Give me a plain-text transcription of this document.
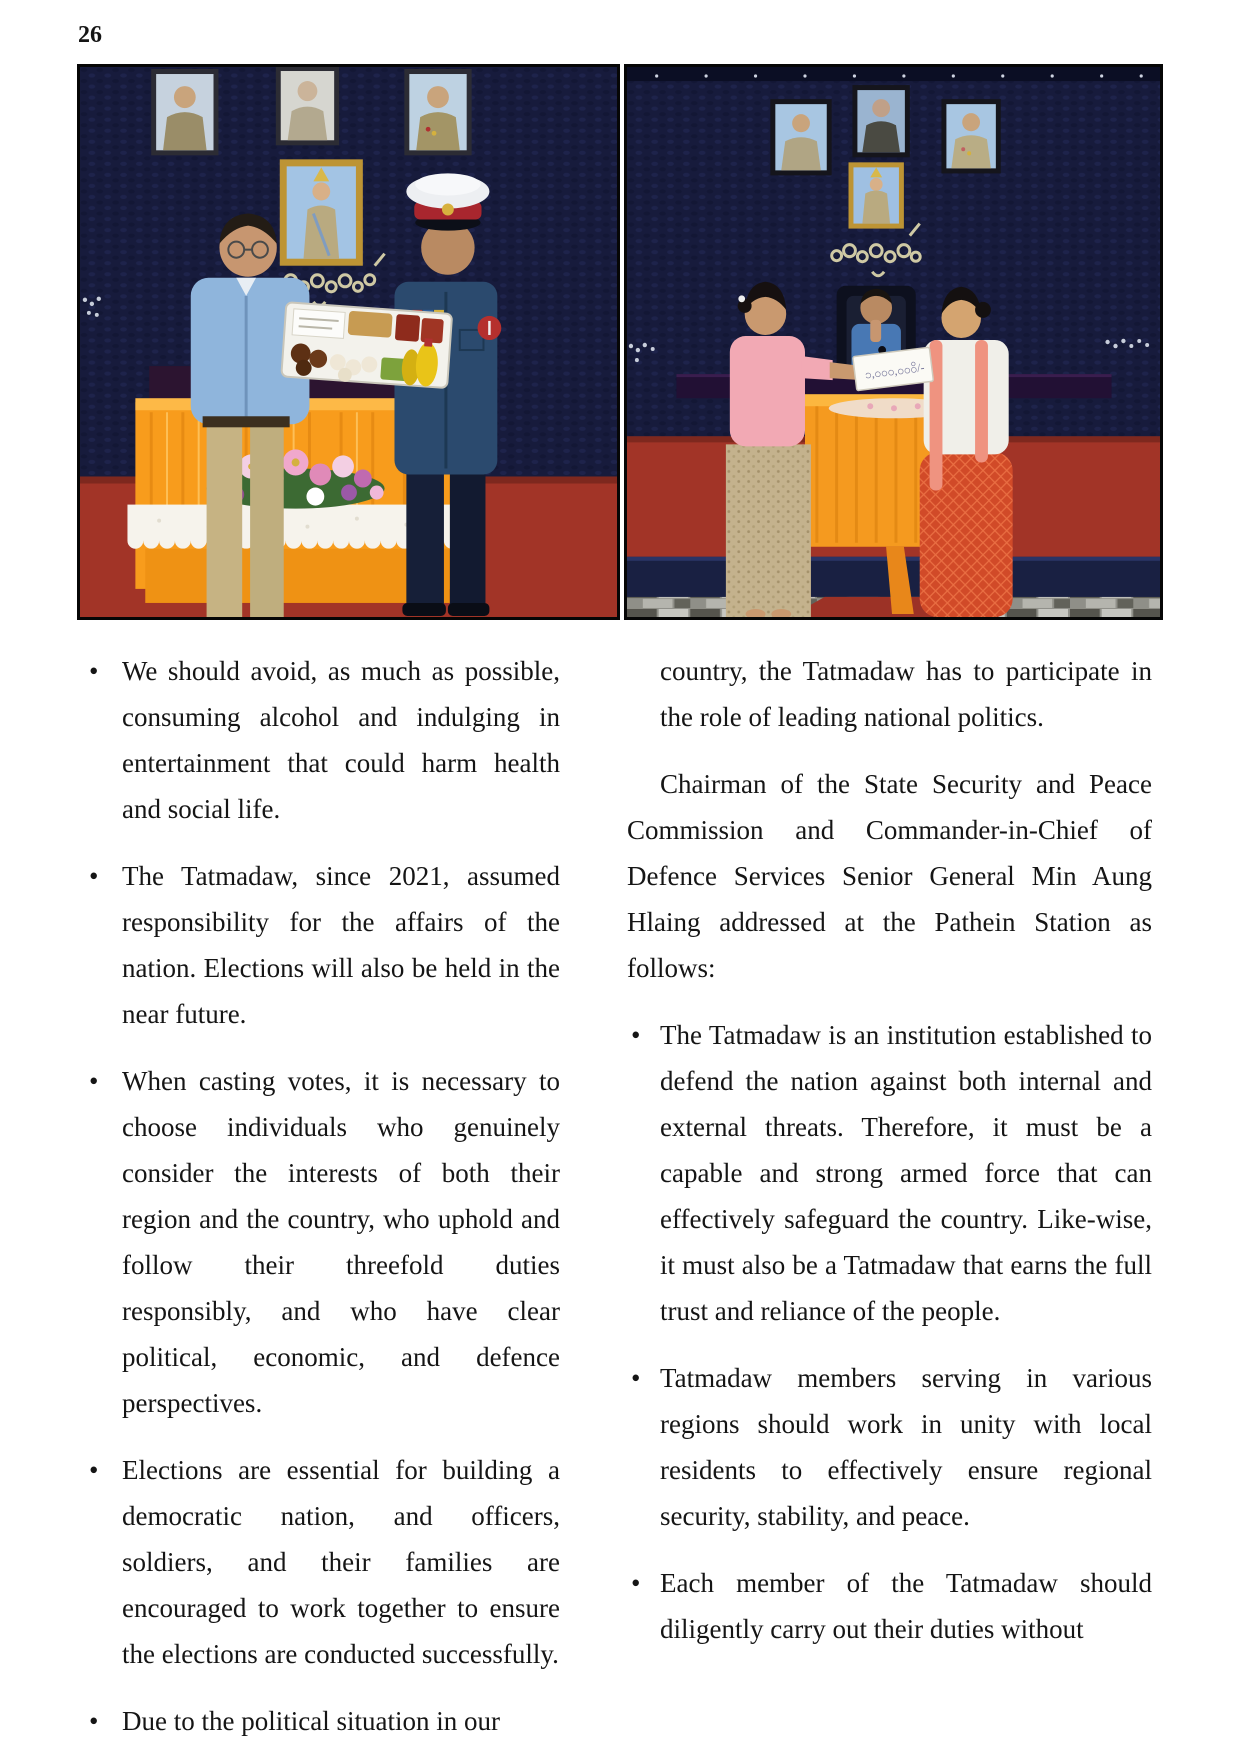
26
၁,၀၀၀,၀၀၀ိ/-
• We should avoid, as much as possible, consuming alcohol and indulging in entertainment that could harm health and social life.
• The Tatmadaw, since 2021, assumed responsibility for the affairs of the nation. Elections will also be held in the near future.
• When casting votes, it is necessary to choose individuals who genuinely consider the interests of both their region and the country, who uphold and follow their threefold duties responsibly, and who have clear political, economic, and defence perspectives.
• Elections are essential for building a democratic nation, and officers, soldiers, and their families are encouraged to work together to ensure the elections are conducted successfully.
• Due to the political situation in our

country, the Tatmadaw has to participate in the role of leading national politics.

Chairman of the State Security and Peace Commission and Commander-in-Chief of Defence Services Senior General Min Aung Hlaing addressed at the Pathein Station as follows:

• The Tatmadaw is an institution established to defend the nation against both internal and external threats. Therefore, it must be a capable and strong armed force that can effectively safeguard the country. Like-wise, it must also be a Tatmadaw that earns the full trust and reliance of the people.
• Tatmadaw members serving in various regions should work in unity with local residents to effectively ensure regional security, stability, and peace.
• Each member of the Tatmadaw should diligently carry out their duties without
